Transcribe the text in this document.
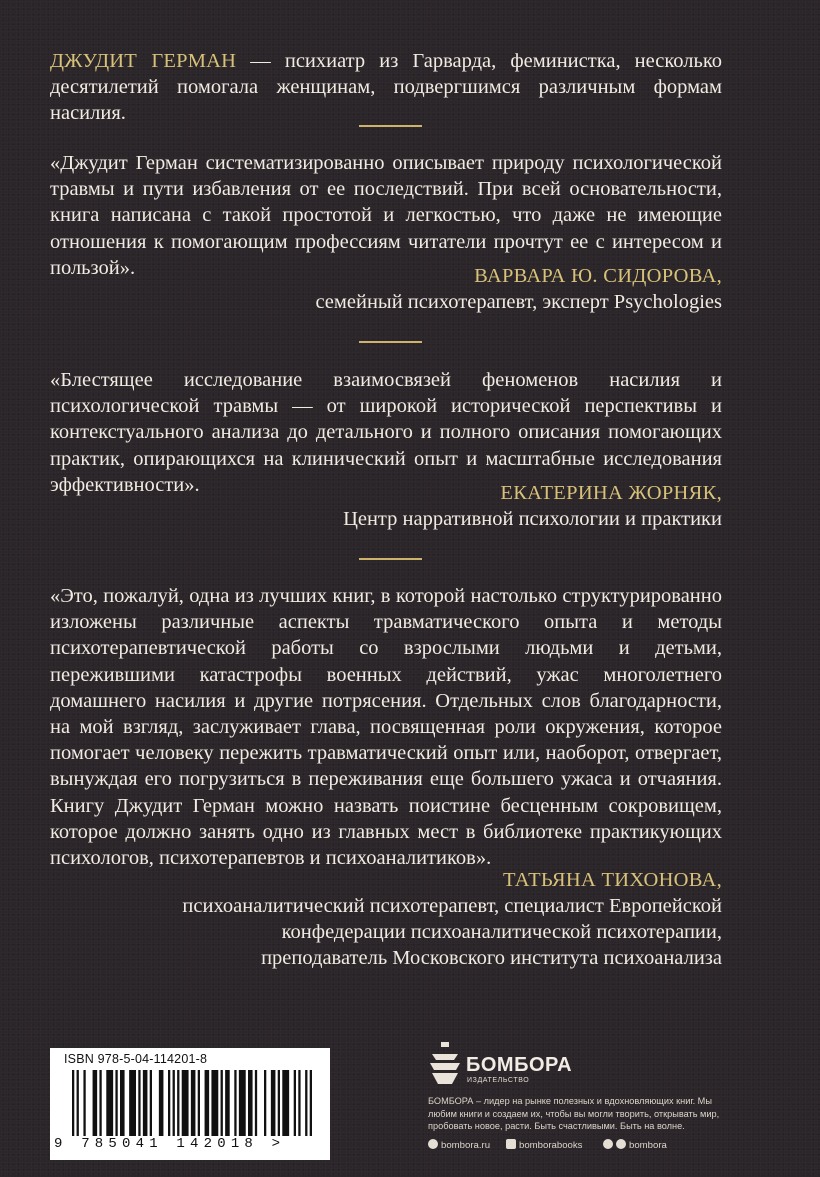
ДЖУДИТ ГЕРМАН — психиатр из Гарварда, феминистка, несколько десятилетий помогала женщинам, подвергшимся различным формам насилия.
«Джудит Герман систематизированно описывает природу психологической травмы и пути избавления от ее последствий. При всей основательности, книга написана с такой простотой и легкостью, что даже не имеющие отношения к помогающим профессиям читатели прочтут ее с интересом и пользой».	ВАРВАРА Ю. СИДОРОВА,
семейный психотерапевт, эксперт Psychologies
«Блестящее исследование взаимосвязей феноменов насилия и психологической травмы — от широкой исторической перспективы и контекстуального анализа до детального и полного описания помогающих практик, опирающихся на клинический опыт и масштабные исследования эффективности».	ЕКАТЕРИНА ЖОРНЯК,
Центр нарративной психологии и практики
«Это, пожалуй, одна из лучших книг, в которой настолько структурированно изложены различные аспекты травматического опыта и методы психотерапевтической работы со взрослыми людьми и детьми, пережившими катастрофы военных действий, ужас многолетнего домашнего насилия и другие потрясения. Отдельных слов благодарности, на мой взгляд, заслуживает глава, посвященная роли окружения, которое помогает человеку пережить травматический опыт или, наоборот, отвергает, вынуждая его погрузиться в переживания еще большего ужаса и отчаяния. Книгу Джудит Герман можно назвать поистине бесценным сокровищем, которое должно занять одно из главных мест в библиотеке практикующих психологов, психотерапевтов и психоаналитиков».
ТАТЬЯНА ТИХОНОВА,
психоаналитический психотерапевт, специалист Европейской
конфедерации психоаналитической психотерапии,
преподаватель Московского института психоанализа
ISBN 978-5-04-114201-8
9 785041 142018 >
БОМБОРА
ИЗДАТЕЛЬСТВО
БОМБОРА – лидер на рынке полезных и вдохновляющих книг. Мы любим книги и создаем их, чтобы вы могли творить, открывать мир, пробовать новое, расти. Быть счастливыми. Быть на волне.
bombora.ru	bomborabooks	bombora
